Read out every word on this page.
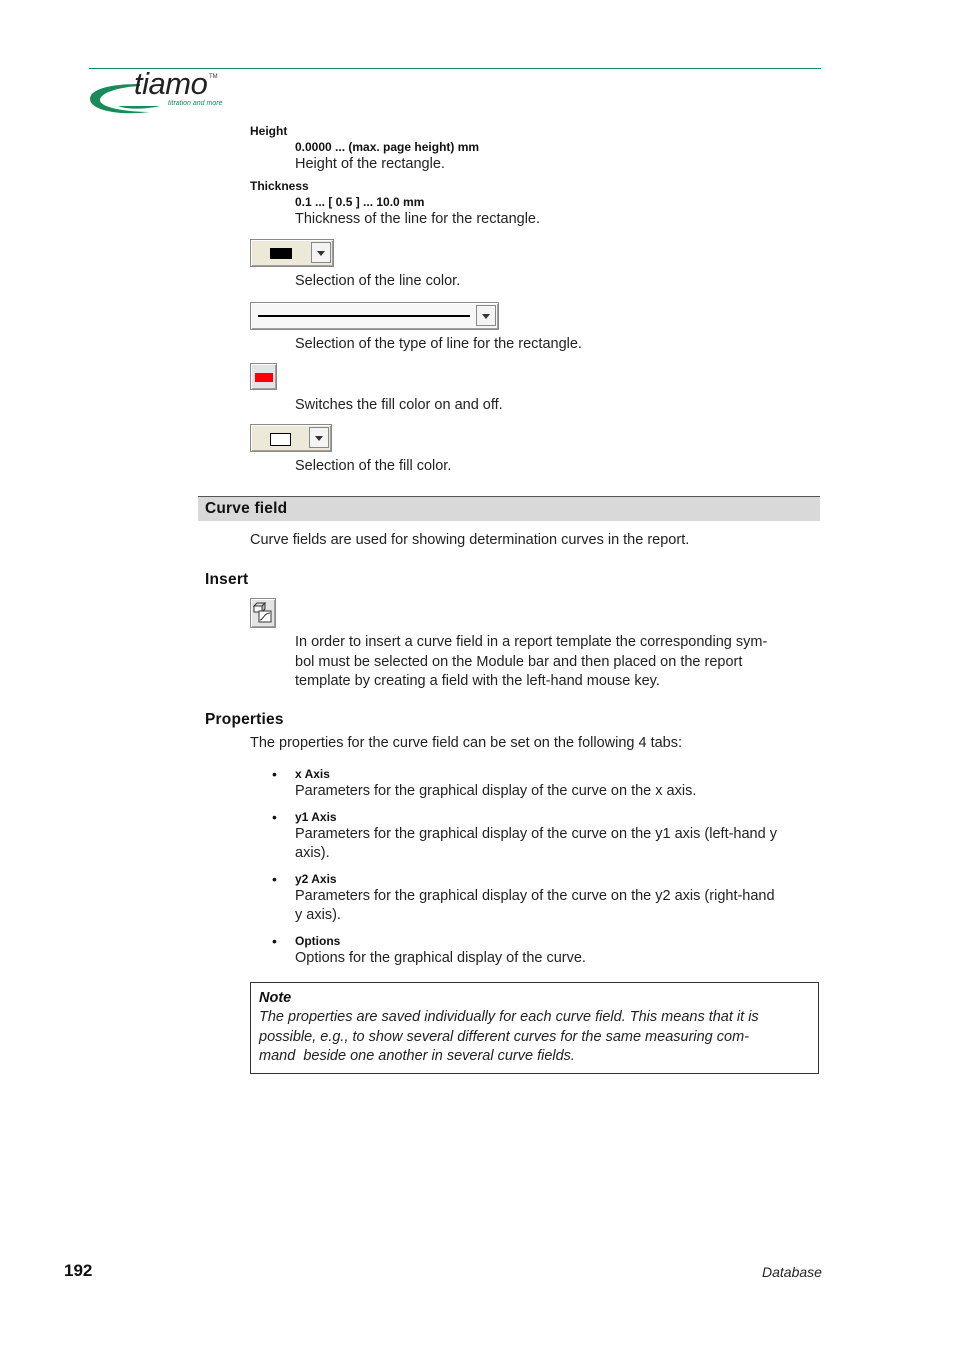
tiamo TM
titration and more
Height
0.0000 ... (max. page height) mm
Height of the rectangle.
Thickness
0.1 ... [ 0.5 ] ... 10.0 mm
Thickness of the line for the rectangle.
Selection of the line color.
Selection of the type of line for the rectangle.
Switches the fill color on and off.
Selection of the fill color.
Curve field
Curve fields are used for showing determination curves in the report.
Insert
In order to insert a curve field in a report template the corresponding sym-
bol must be selected on the Module bar and then placed on the report
template by creating a field with the left-hand mouse key.
Properties
The properties for the curve field can be set on the following 4 tabs:
• x Axis
Parameters for the graphical display of the curve on the x axis.
• y1 Axis
Parameters for the graphical display of the curve on the y1 axis (left-hand y
axis).
• y2 Axis
Parameters for the graphical display of the curve on the y2 axis (right-hand
y axis).
• Options
Options for the graphical display of the curve.
Note
The properties are saved individually for each curve field. This means that it is
possible, e.g., to show several different curves for the same measuring com-
mand  beside one another in several curve fields.
192	Database
